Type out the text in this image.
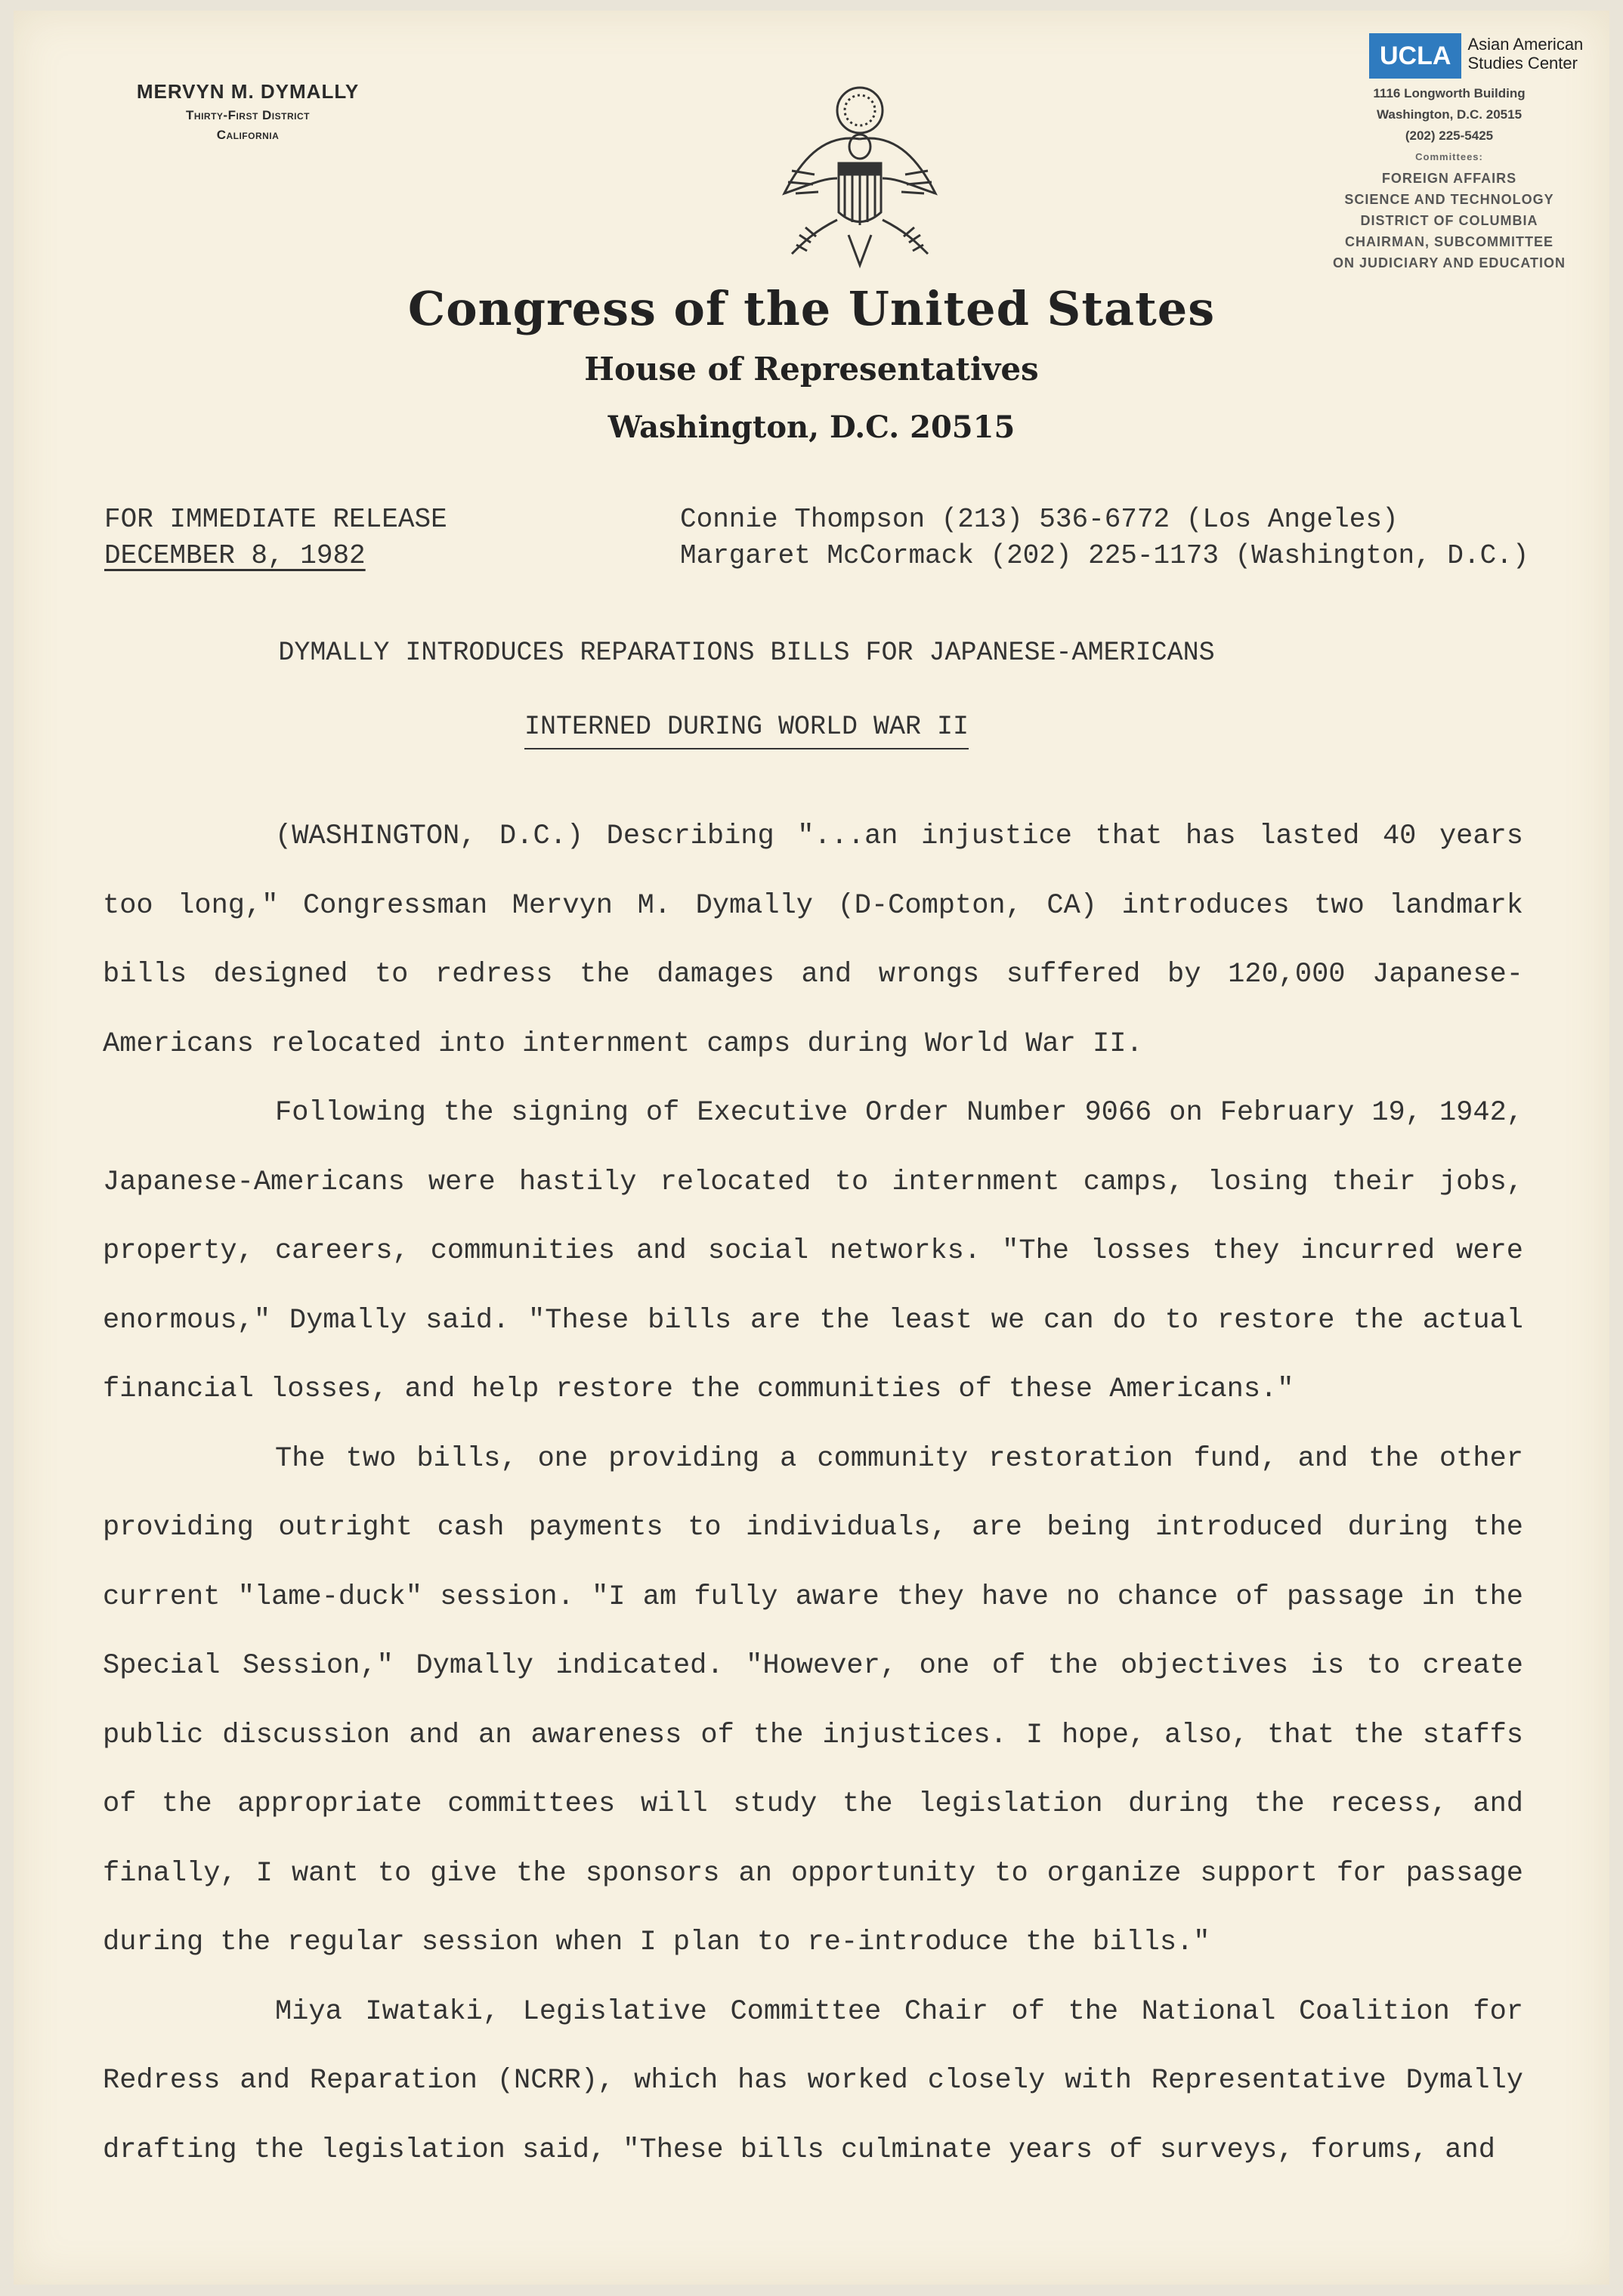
MERVYN M. DYMALLY
Thirty-First District
California
UCLA	Asian American
Studies Center
1116 Longworth Building
Washington, D.C. 20515
(202) 225-5425
Committees:
FOREIGN AFFAIRS
SCIENCE AND TECHNOLOGY
DISTRICT OF COLUMBIA
CHAIRMAN, SUBCOMMITTEE
ON JUDICIARY AND EDUCATION
Congress of the United States
House of Representatives
Washington, D.C. 20515
FOR IMMEDIATE RELEASE
DECEMBER 8, 1982
Connie Thompson (213) 536-6772 (Los Angeles)
Margaret McCormack (202) 225-1173 (Washington, D.C.)
DYMALLY INTRODUCES REPARATIONS BILLS FOR JAPANESE-AMERICANS
INTERNED DURING WORLD WAR II

(WASHINGTON, D.C.) Describing "...an injustice that has lasted 40 years too long," Congressman Mervyn M. Dymally (D-Compton, CA) introduces two landmark bills designed to redress the damages and wrongs suffered by 120,000 Japanese-Americans relocated into internment camps during World War II.

Following the signing of Executive Order Number 9066 on February 19, 1942, Japanese-Americans were hastily relocated to internment camps, losing their jobs, property, careers, communities and social networks. "The losses they incurred were enormous," Dymally said. "These bills are the least we can do to restore the actual financial losses, and help restore the communities of these Americans."

The two bills, one providing a community restoration fund, and the other providing outright cash payments to individuals, are being introduced during the current "lame-duck" session. "I am fully aware they have no chance of passage in the Special Session," Dymally indicated. "However, one of the objectives is to create public discussion and an awareness of the injustices. I hope, also, that the staffs of the appropriate committees will study the legislation during the recess, and finally, I want to give the sponsors an opportunity to organize support for passage during the regular session when I plan to re-introduce the bills."

Miya Iwataki, Legislative Committee Chair of the National Coalition for Redress and Reparation (NCRR), which has worked closely with Representative Dymally drafting the legislation said, "These bills culminate years of surveys, forums, and
